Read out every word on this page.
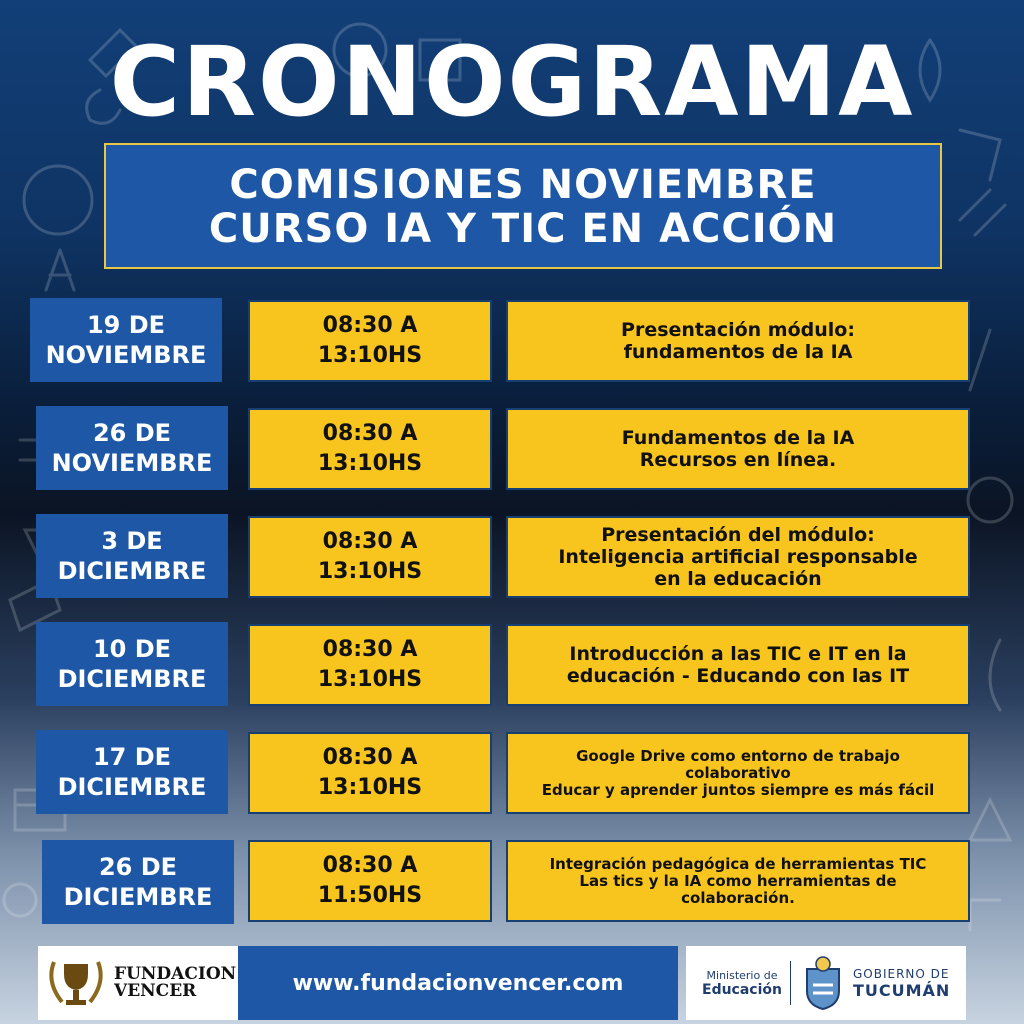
CRONOGRAMA
COMISIONES NOVIEMBRE
CURSO IA Y TIC EN ACCIÓN
19 DE
NOVIEMBRE
08:30 A
13:10HS
Presentación módulo:
fundamentos de la IA
26 DE
NOVIEMBRE
08:30 A
13:10HS
Fundamentos de la IA
Recursos en línea.
3 DE
DICIEMBRE
08:30 A
13:10HS
Presentación del módulo:
Inteligencia artificial responsable
en la educación
10 DE
DICIEMBRE
08:30 A
13:10HS
Introducción a las TIC e IT en la
educación - Educando con las IT
17 DE
DICIEMBRE
08:30 A
13:10HS
Google Drive como entorno de trabajo
colaborativo
Educar y aprender juntos siempre es más fácil
26 DE
DICIEMBRE
08:30 A
11:50HS
Integración pedagógica de herramientas TIC
Las tics y la IA como herramientas de
colaboración.
FUNDACION
VENCER	www.fundacionvencer.com	Ministerio de
Educación
GOBIERNO DE
TUCUMÁN
